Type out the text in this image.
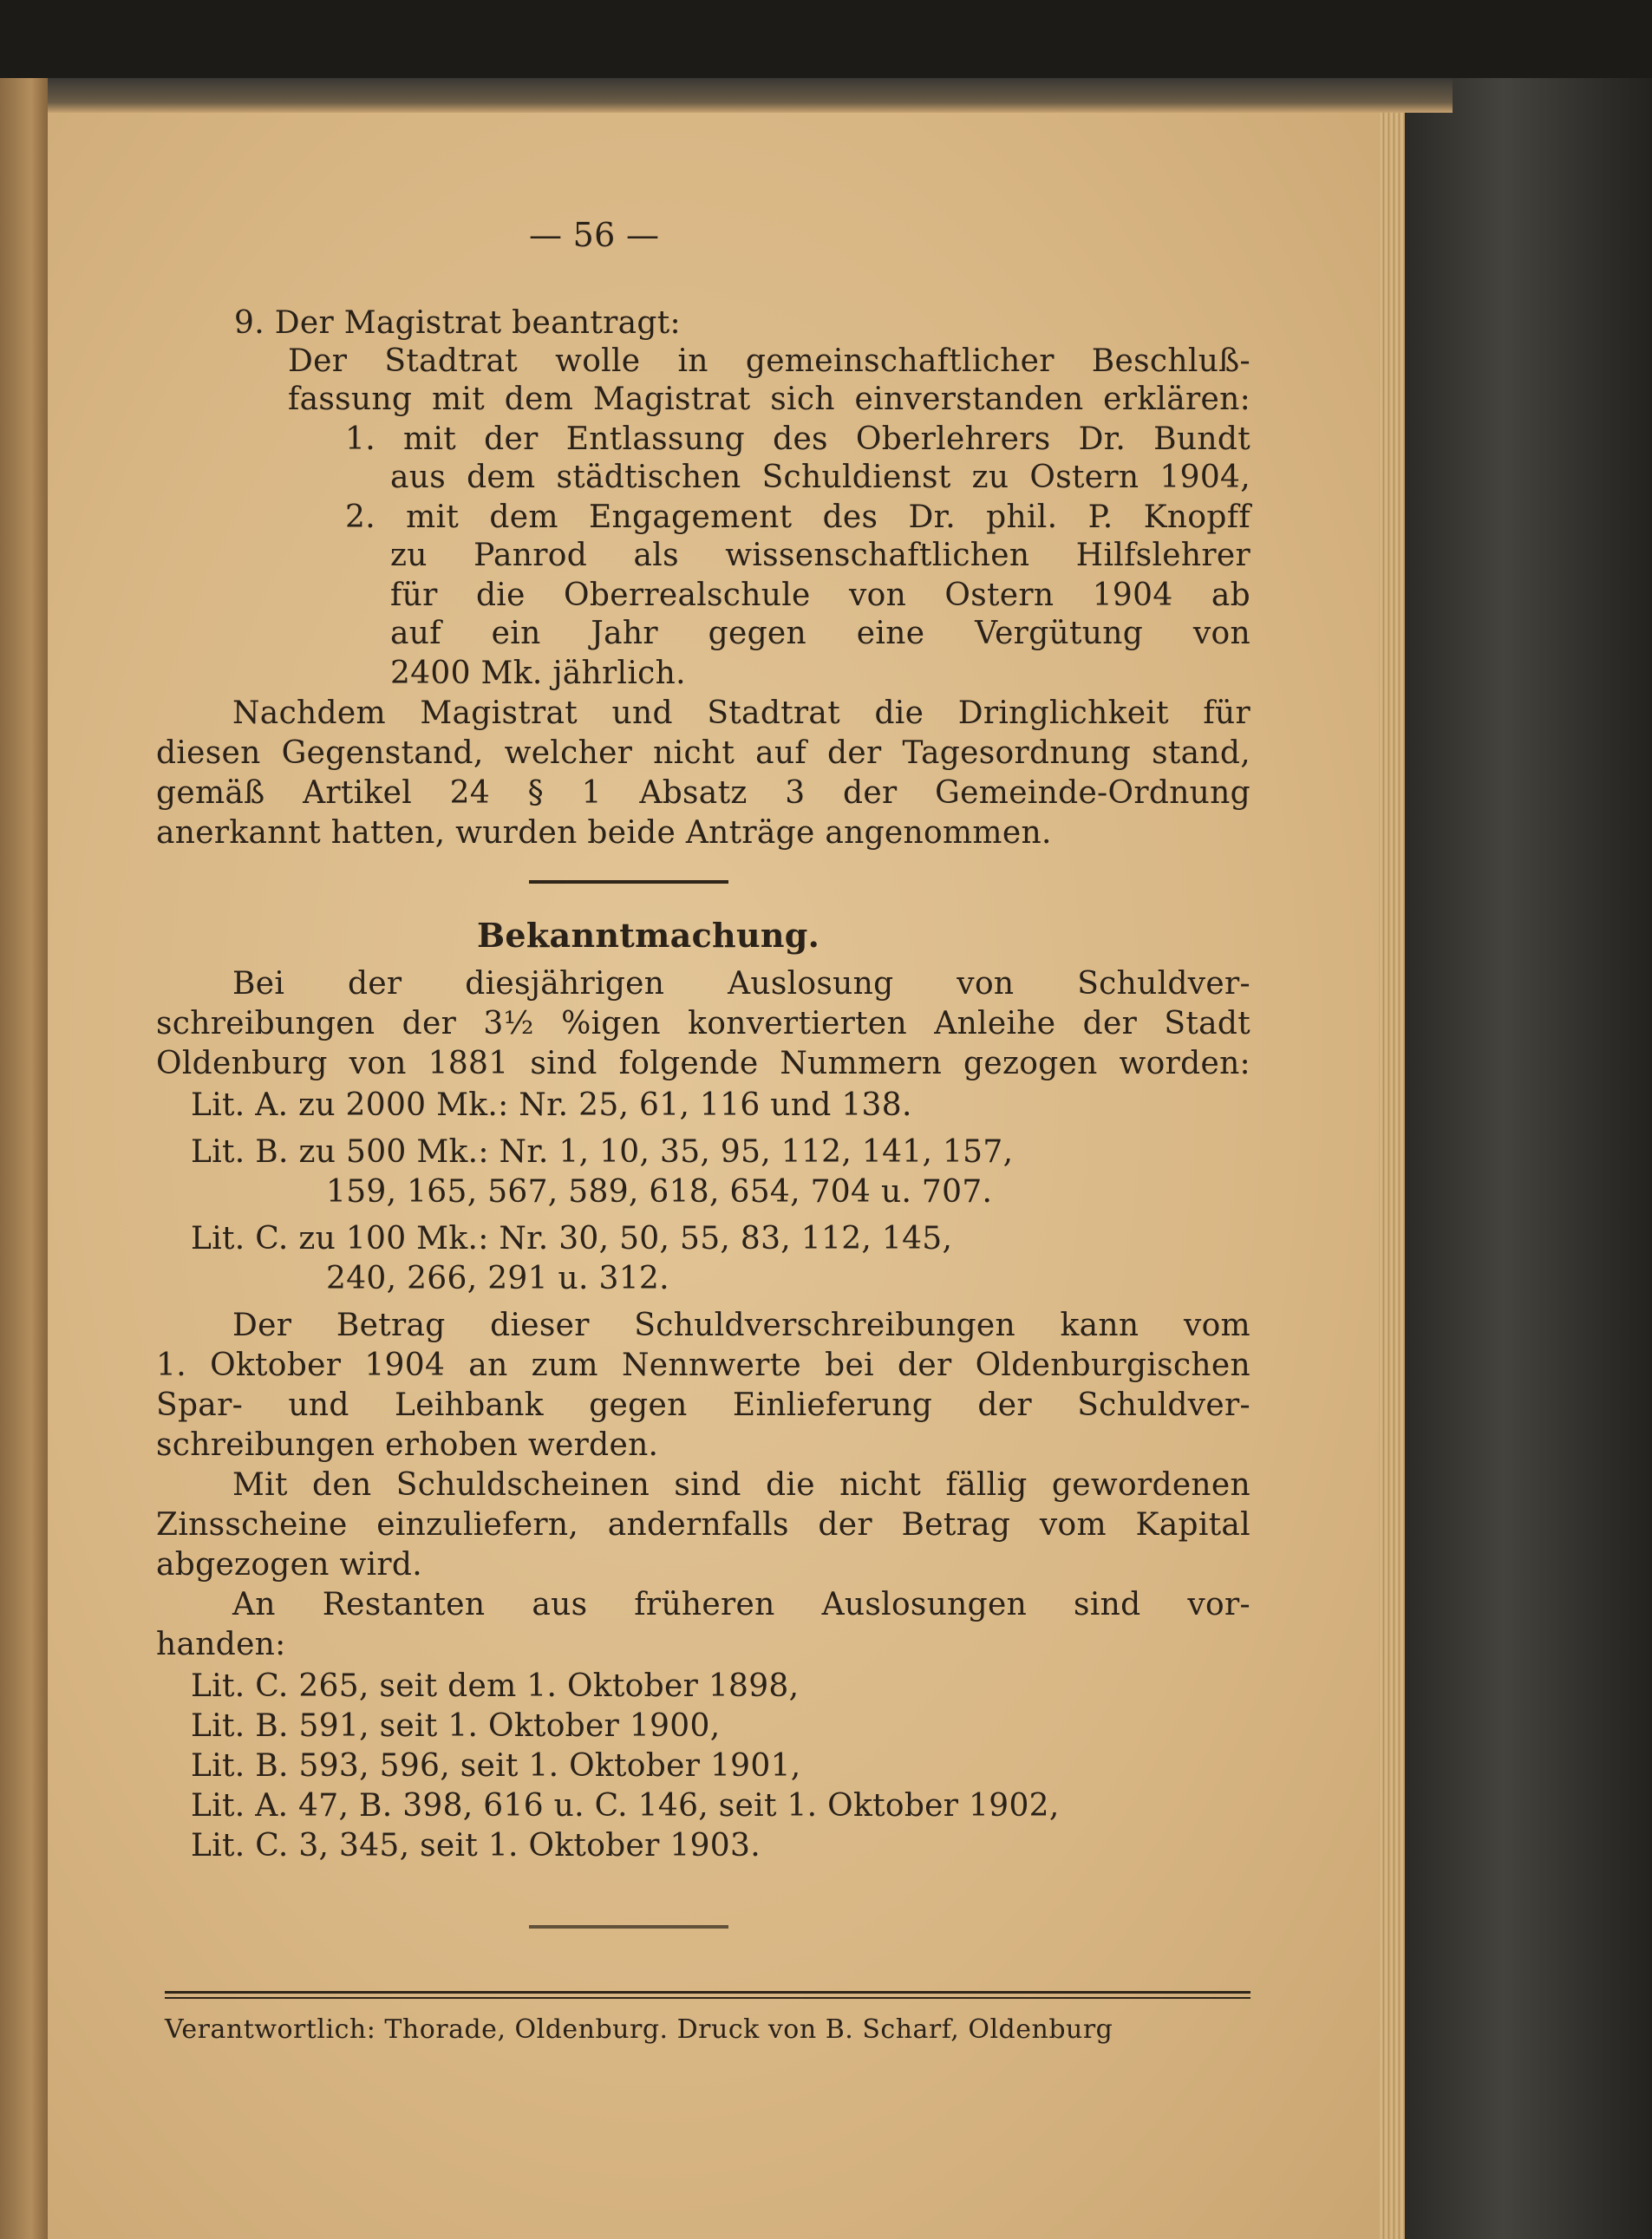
— 56 —
9. Der Magistrat beantragt:
Der Stadtrat wolle in gemeinschaftlicher Beschluß-
fassung mit dem Magistrat sich einverstanden erklären:
1. mit der Entlassung des Oberlehrers Dr. Bundt
aus dem städtischen Schuldienst zu Ostern 1904,
2. mit dem Engagement des Dr. phil. P. Knopff
zu Panrod als wissenschaftlichen Hilfslehrer
für die Oberrealschule von Ostern 1904 ab
auf ein Jahr gegen eine Vergütung von
2400 Mk. jährlich.
Nachdem Magistrat und Stadtrat die Dringlichkeit für
diesen Gegenstand, welcher nicht auf der Tagesordnung stand,
gemäß Artikel 24 § 1 Absatz 3 der Gemeinde-Ordnung
anerkannt hatten, wurden beide Anträge angenommen.
Bekanntmachung.
Bei der diesjährigen Auslosung von Schuldver-
schreibungen der 3½ %igen konvertierten Anleihe der Stadt
Oldenburg von 1881 sind folgende Nummern gezogen worden:
Lit. A. zu 2000 Mk.: Nr. 25, 61, 116 und 138.
Lit. B. zu 500 Mk.: Nr. 1, 10, 35, 95, 112, 141, 157,
159, 165, 567, 589, 618, 654, 704 u. 707.
Lit. C. zu 100 Mk.: Nr. 30, 50, 55, 83, 112, 145,
240, 266, 291 u. 312.
Der Betrag dieser Schuldverschreibungen kann vom
1. Oktober 1904 an zum Nennwerte bei der Oldenburgischen
Spar- und Leihbank gegen Einlieferung der Schuldver-
schreibungen erhoben werden.
Mit den Schuldscheinen sind die nicht fällig gewordenen
Zinsscheine einzuliefern, andernfalls der Betrag vom Kapital
abgezogen wird.
An Restanten aus früheren Auslosungen sind vor-
handen:
Lit. C. 265, seit dem 1. Oktober 1898,
Lit. B. 591, seit 1. Oktober 1900,
Lit. B. 593, 596, seit 1. Oktober 1901,
Lit. A. 47, B. 398, 616 u. C. 146, seit 1. Oktober 1902,
Lit. C. 3, 345, seit 1. Oktober 1903.
Verantwortlich: Thorade, Oldenburg. Druck von B. Scharf, Oldenburg
